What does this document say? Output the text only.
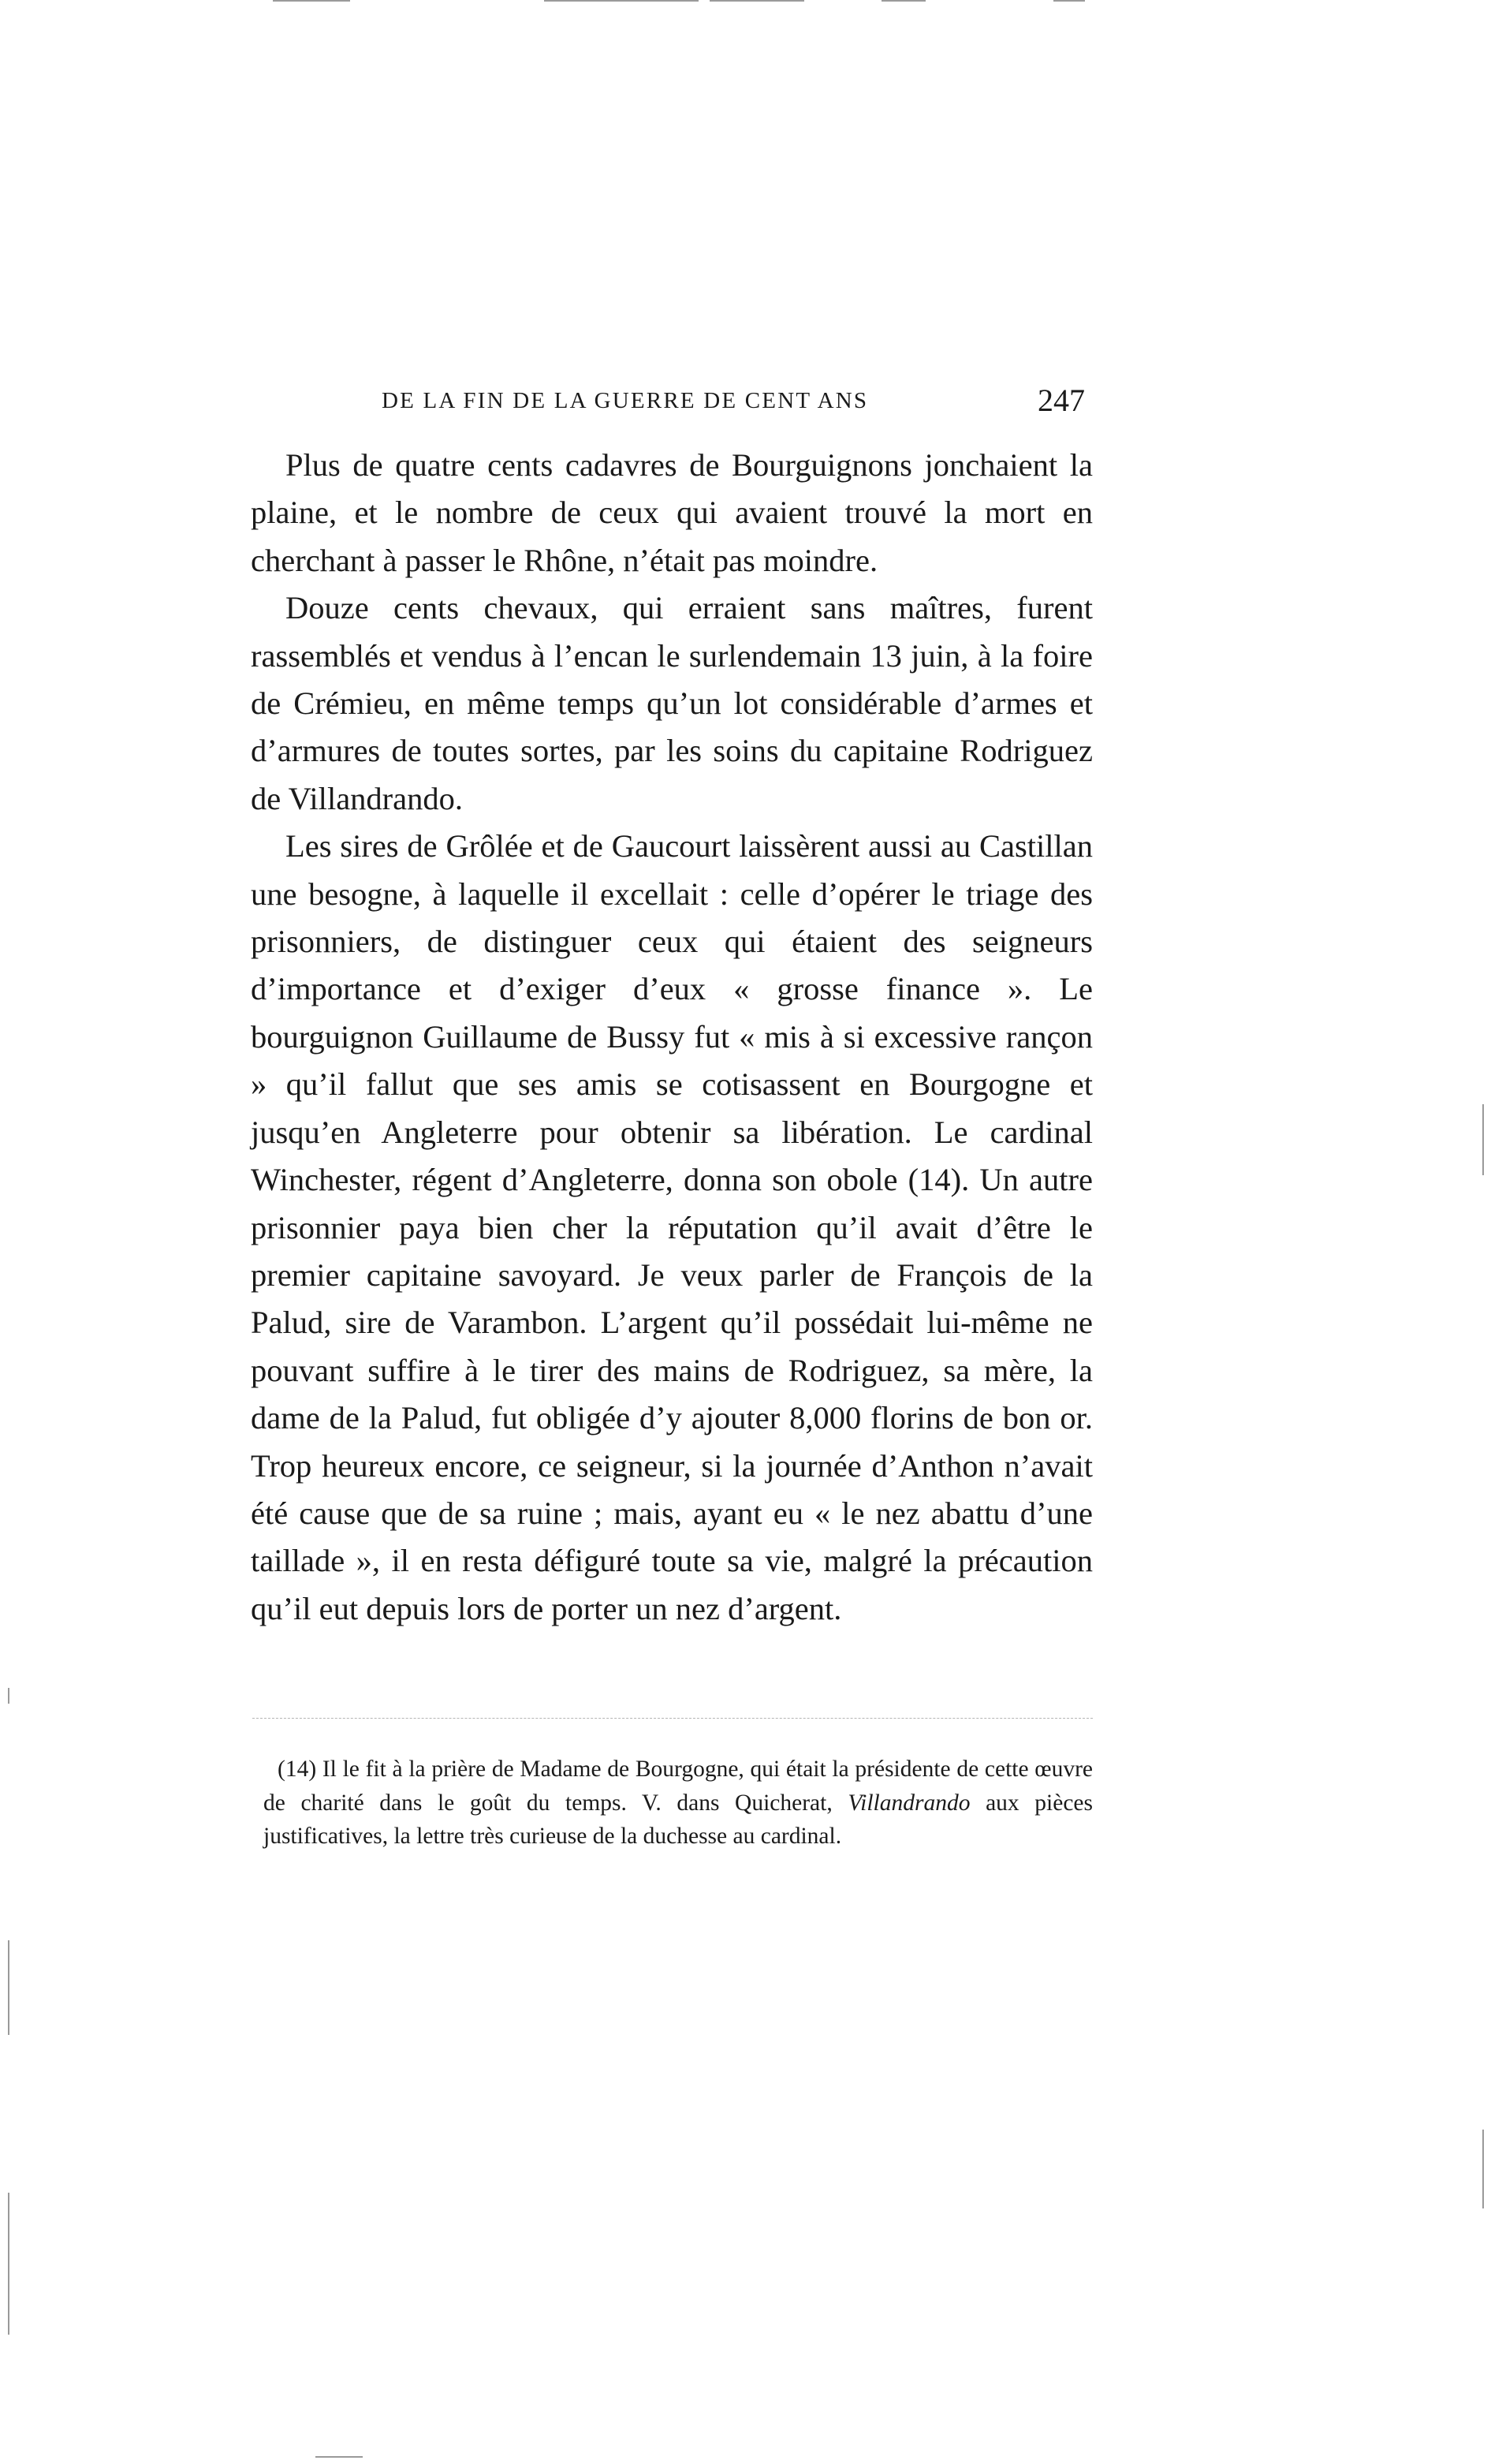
DE LA FIN DE LA GUERRE DE CENT ANS	247

Plus de quatre cents cadavres de Bourguignons jonchaient la plaine, et le nombre de ceux qui avaient trouvé la mort en cherchant à passer le Rhône, n’était pas moindre.

Douze cents chevaux, qui erraient sans maîtres, furent rassemblés et vendus à l’encan le surlendemain 13 juin, à la foire de Crémieu, en même temps qu’un lot considérable d’armes et d’armures de toutes sortes, par les soins du capitaine Rodriguez de Villandrando.

Les sires de Grôlée et de Gaucourt laissèrent aussi au Castillan une besogne, à laquelle il excellait : celle d’opérer le triage des prisonniers, de distinguer ceux qui étaient des seigneurs d’importance et d’exiger d’eux « grosse finance ». Le bourguignon Guillaume de Bussy fut « mis à si excessive rançon » qu’il fallut que ses amis se cotisassent en Bourgogne et jusqu’en Angleterre pour obtenir sa libération. Le cardinal Winchester, régent d’Angleterre, donna son obole (14). Un autre prisonnier paya bien cher la réputation qu’il avait d’être le premier capitaine savoyard. Je veux parler de François de la Palud, sire de Varambon. L’argent qu’il possédait lui-même ne pouvant suffire à le tirer des mains de Rodriguez, sa mère, la dame de la Palud, fut obligée d’y ajouter 8,000 florins de bon or. Trop heureux encore, ce seigneur, si la journée d’Anthon n’avait été cause que de sa ruine ; mais, ayant eu « le nez abattu d’une taillade », il en resta défiguré toute sa vie, malgré la précaution qu’il eut depuis lors de porter un nez d’argent.

(14) Il le fit à la prière de Madame de Bourgogne, qui était la présidente de cette œuvre de charité dans le goût du temps. V. dans Quicherat, Villandrando aux pièces justificatives, la lettre très curieuse de la duchesse au cardinal.
